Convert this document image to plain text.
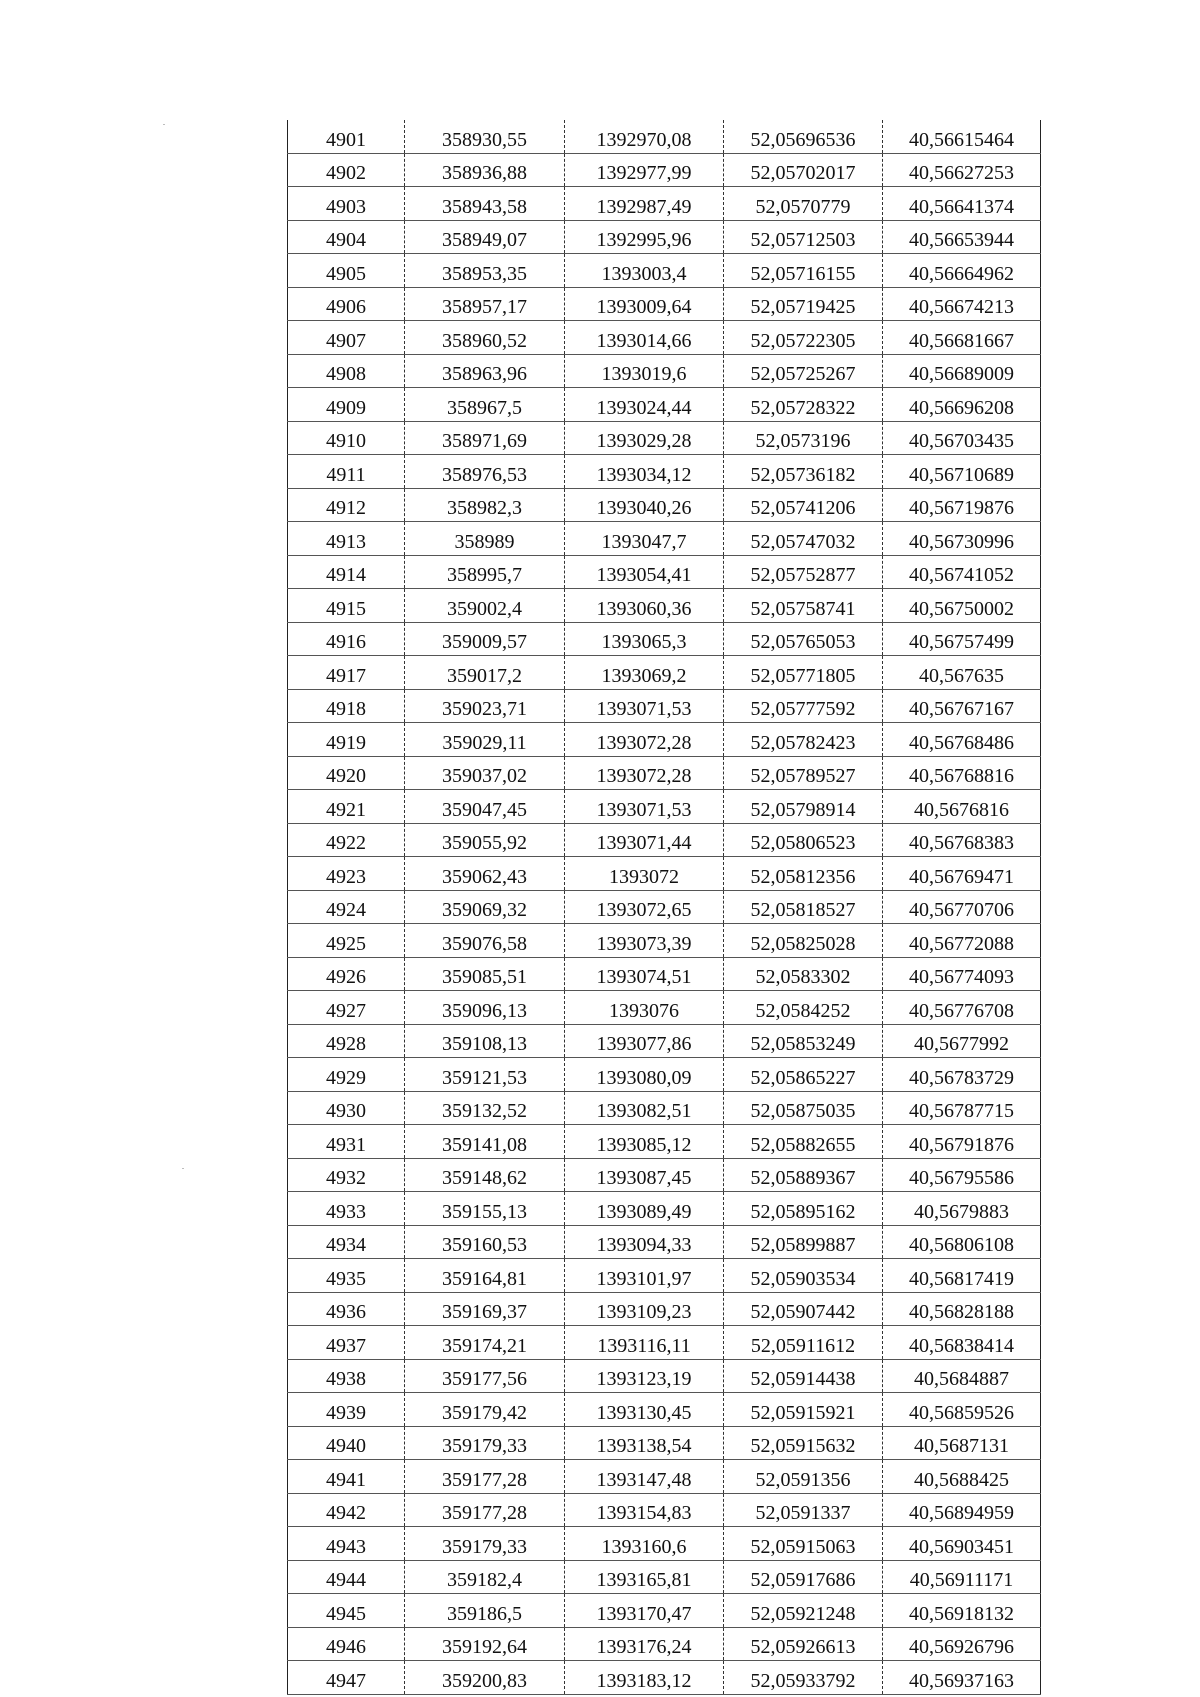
4901	358930,55	1392970,08	52,05696536	40,56615464
4902	358936,88	1392977,99	52,05702017	40,56627253
4903	358943,58	1392987,49	52,0570779	40,56641374
4904	358949,07	1392995,96	52,05712503	40,56653944
4905	358953,35	1393003,4	52,05716155	40,56664962
4906	358957,17	1393009,64	52,05719425	40,56674213
4907	358960,52	1393014,66	52,05722305	40,56681667
4908	358963,96	1393019,6	52,05725267	40,56689009
4909	358967,5	1393024,44	52,05728322	40,56696208
4910	358971,69	1393029,28	52,0573196	40,56703435
4911	358976,53	1393034,12	52,05736182	40,56710689
4912	358982,3	1393040,26	52,05741206	40,56719876
4913	358989	1393047,7	52,05747032	40,56730996
4914	358995,7	1393054,41	52,05752877	40,56741052
4915	359002,4	1393060,36	52,05758741	40,56750002
4916	359009,57	1393065,3	52,05765053	40,56757499
4917	359017,2	1393069,2	52,05771805	40,567635
4918	359023,71	1393071,53	52,05777592	40,56767167
4919	359029,11	1393072,28	52,05782423	40,56768486
4920	359037,02	1393072,28	52,05789527	40,56768816
4921	359047,45	1393071,53	52,05798914	40,5676816
4922	359055,92	1393071,44	52,05806523	40,56768383
4923	359062,43	1393072	52,05812356	40,56769471
4924	359069,32	1393072,65	52,05818527	40,56770706
4925	359076,58	1393073,39	52,05825028	40,56772088
4926	359085,51	1393074,51	52,0583302	40,56774093
4927	359096,13	1393076	52,0584252	40,56776708
4928	359108,13	1393077,86	52,05853249	40,5677992
4929	359121,53	1393080,09	52,05865227	40,56783729
4930	359132,52	1393082,51	52,05875035	40,56787715
4931	359141,08	1393085,12	52,05882655	40,56791876
4932	359148,62	1393087,45	52,05889367	40,56795586
4933	359155,13	1393089,49	52,05895162	40,5679883
4934	359160,53	1393094,33	52,05899887	40,56806108
4935	359164,81	1393101,97	52,05903534	40,56817419
4936	359169,37	1393109,23	52,05907442	40,56828188
4937	359174,21	1393116,11	52,05911612	40,56838414
4938	359177,56	1393123,19	52,05914438	40,5684887
4939	359179,42	1393130,45	52,05915921	40,56859526
4940	359179,33	1393138,54	52,05915632	40,5687131
4941	359177,28	1393147,48	52,0591356	40,5688425
4942	359177,28	1393154,83	52,0591337	40,56894959
4943	359179,33	1393160,6	52,05915063	40,56903451
4944	359182,4	1393165,81	52,05917686	40,56911171
4945	359186,5	1393170,47	52,05921248	40,56918132
4946	359192,64	1393176,24	52,05926613	40,56926796
4947	359200,83	1393183,12	52,05933792	40,56937163
